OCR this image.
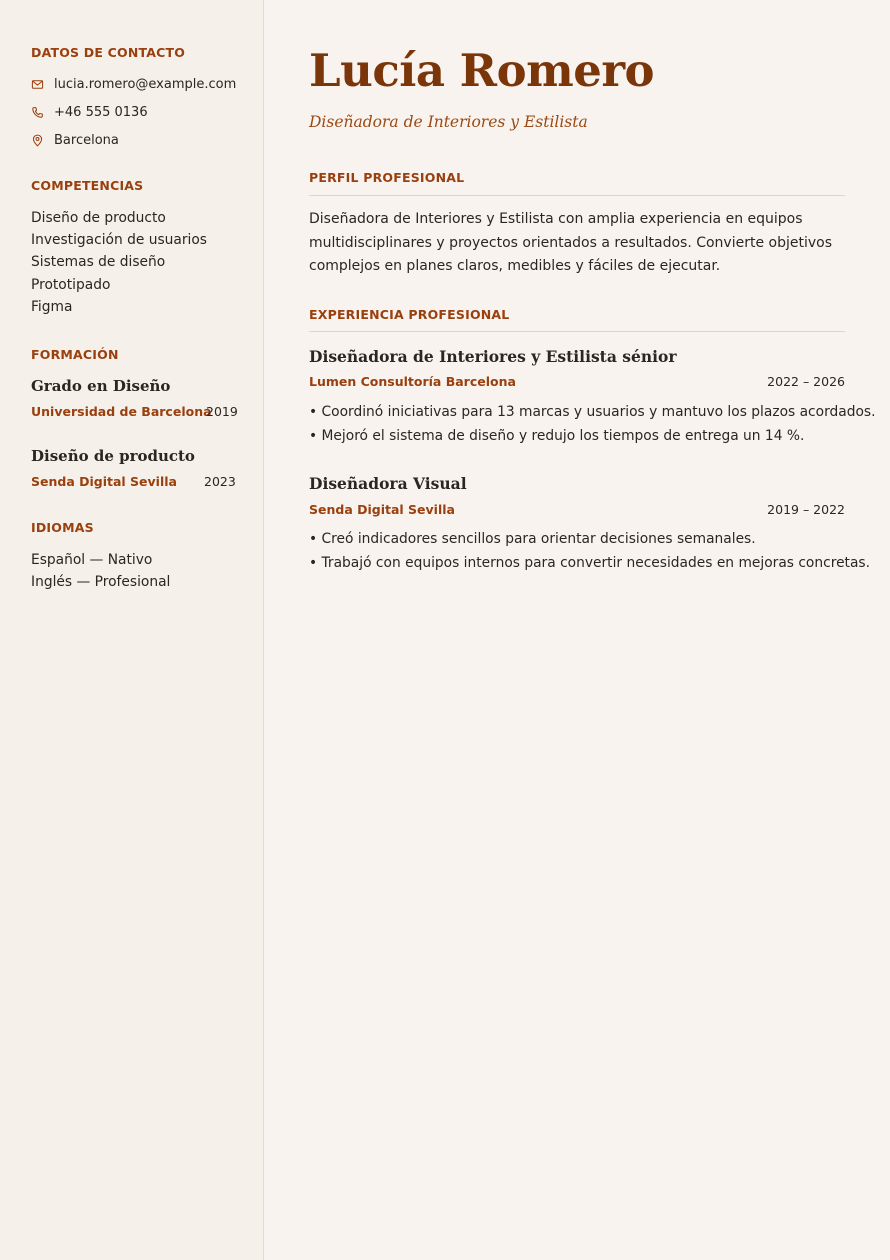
DATOS DE CONTACTO
lucia.romero@example.com
+46 555 0136
Barcelona
COMPETENCIAS
Diseño de producto
Investigación de usuarios
Sistemas de diseño
Prototipado
Figma
FORMACIÓN
Grado en Diseño
Universidad de Barcelona
2019
Diseño de producto
Senda Digital Sevilla 2023
IDIOMAS
Español — Nativo
Inglés — Profesional
Lucía Romero
Diseñadora de Interiores y Estilista
PERFIL PROFESIONAL
Diseñadora de Interiores y Estilista con amplia experiencia en equipos multidisciplinares y proyectos orientados a resultados. Convierte objetivos complejos en planes claros, medibles y fáciles de ejecutar.
EXPERIENCIA PROFESIONAL
Diseñadora de Interiores y Estilista sénior
Lumen Consultoría Barcelona	2022 – 2026
• Coordinó iniciativas para 13 marcas y usuarios y mantuvo los plazos acordados.
• Mejoró el sistema de diseño y redujo los tiempos de entrega un 14 %.
Diseñadora Visual
Senda Digital Sevilla	2019 – 2022
• Creó indicadores sencillos para orientar decisiones semanales.
• Trabajó con equipos internos para convertir necesidades en mejoras concretas.
